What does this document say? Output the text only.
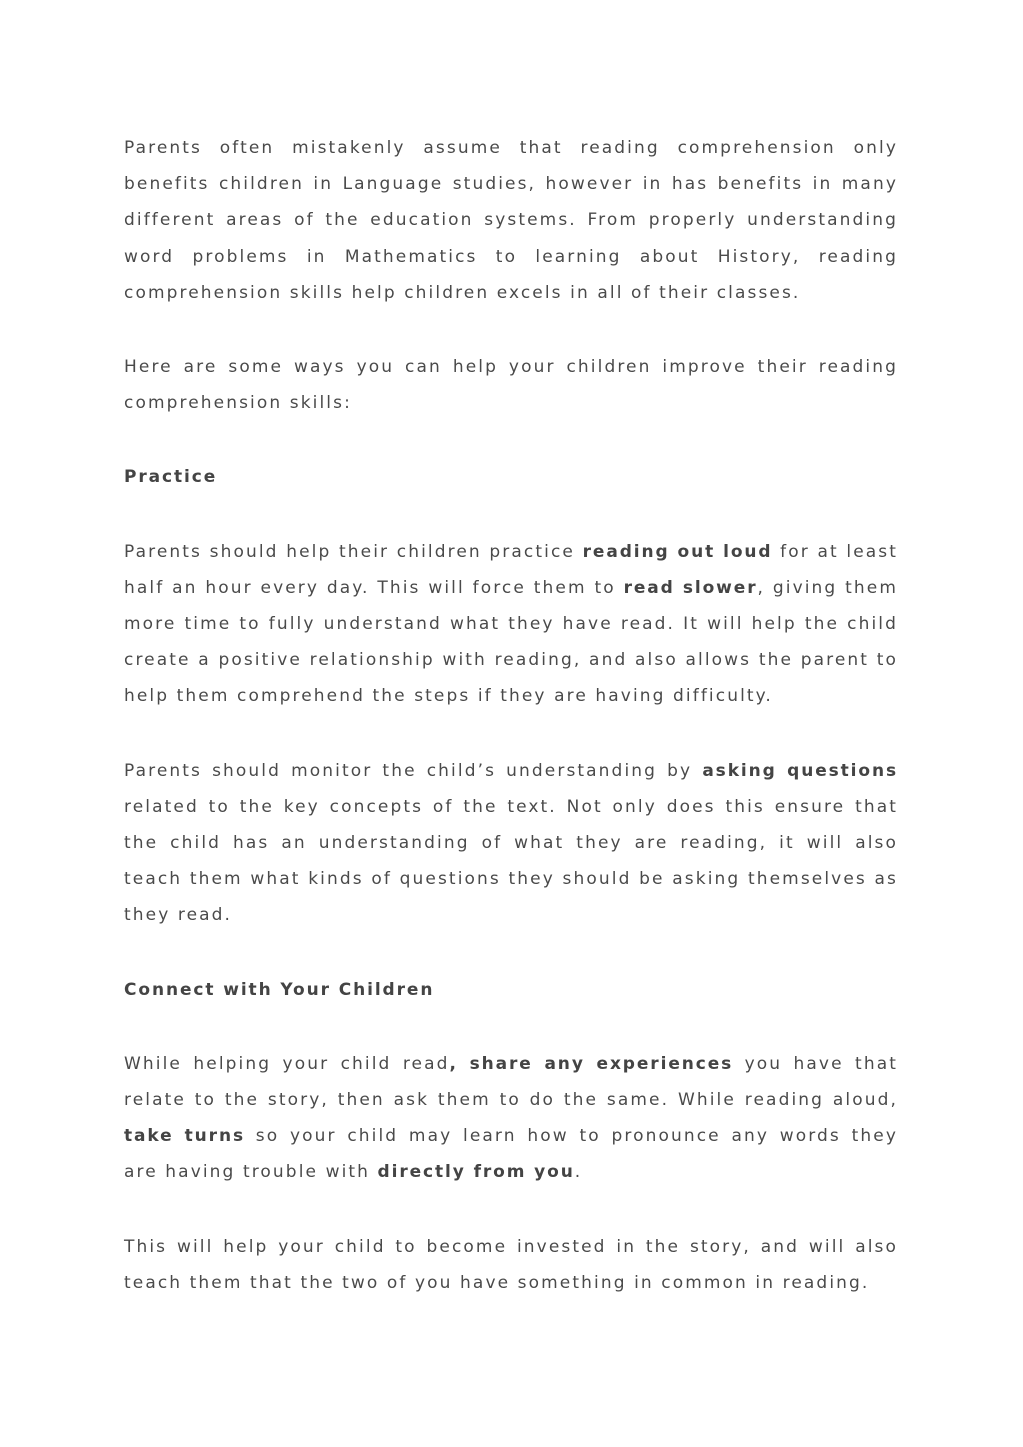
Parents often mistakenly assume that reading comprehension only benefits children in Language studies, however in has benefits in many different areas of the education systems. From properly understanding word problems in Mathematics to learning about History, reading comprehension skills help children excels in all of their classes.

Here are some ways you can help your children improve their reading comprehension skills:

Practice

Parents should help their children practice reading out loud for at least half an hour every day. This will force them to read slower, giving them more time to fully understand what they have read. It will help the child create a positive relationship with reading, and also allows the parent to help them comprehend the steps if they are having difficulty.

Parents should monitor the child’s understanding by asking questions related to the key concepts of the text. Not only does this ensure that the child has an understanding of what they are reading, it will also teach them what kinds of questions they should be asking themselves as they read.

Connect with Your Children

While helping your child read, share any experiences you have that relate to the story, then ask them to do the same. While reading aloud, take turns so your child may learn how to pronounce any words they are having trouble with directly from you.

This will help your child to become invested in the story, and will also teach them that the two of you have something in common in reading.
